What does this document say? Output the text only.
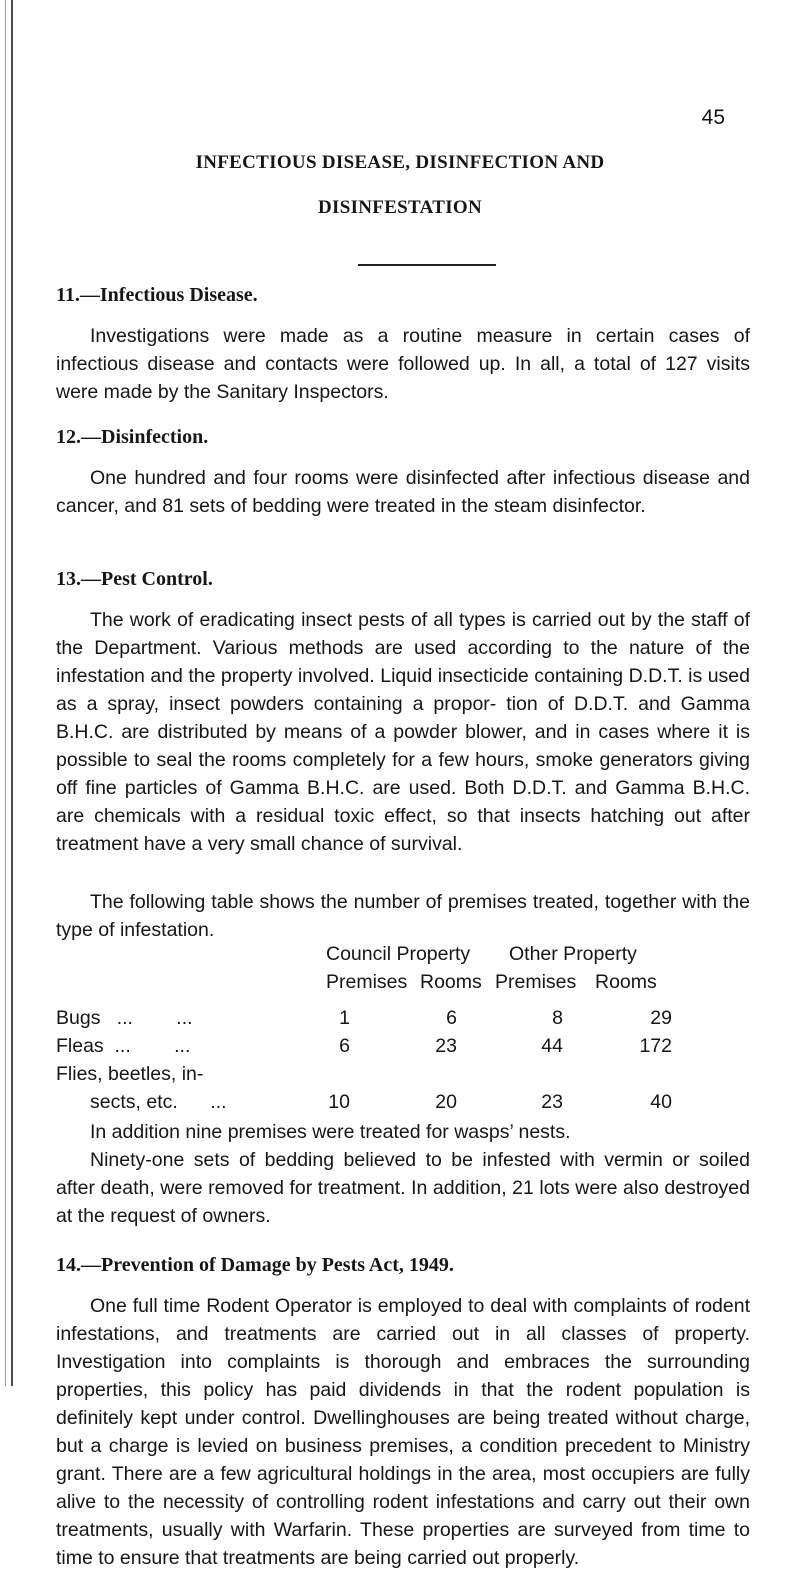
45
INFECTIOUS DISEASE, DISINFECTION AND
DISINFESTATION
11.—Infectious Disease.

Investigations were made as a routine measure in certain cases of infectious disease and contacts were followed up. In all, a total of 127 visits were made by the Sanitary Inspectors.

12.—Disinfection.

One hundred and four rooms were disinfected after infectious disease and cancer, and 81 sets of bedding were treated in the steam disinfector.

13.—Pest Control.

The work of eradicating insect pests of all types is carried out by the staff of the Department. Various methods are used according to the nature of the infestation and the property involved. Liquid insecticide containing D.D.T. is used as a spray, insect powders containing a propor- tion of D.D.T. and Gamma B.H.C. are distributed by means of a powder blower, and in cases where it is possible to seal the rooms completely for a few hours, smoke generators giving off fine particles of Gamma B.H.C. are used. Both D.D.T. and Gamma B.H.C. are chemicals with a residual toxic effect, so that insects hatching out after treatment have a very small chance of survival.

The following table shows the number of premises treated, together with the type of infestation.

Council Property Other Property
Premises Rooms Premises Rooms
Bugs   ...        ...	1	6	8	29
Fleas  ...        ...	6	23	44	172
Flies, beetles, in-
sects, etc.      ...	10	20	23	40

In addition nine premises were treated for wasps’ nests.

Ninety-one sets of bedding believed to be infested with vermin or soiled after death, were removed for treatment. In addition, 21 lots were also destroyed at the request of owners.

14.—Prevention of Damage by Pests Act, 1949.

One full time Rodent Operator is employed to deal with complaints of rodent infestations, and treatments are carried out in all classes of property. Investigation into complaints is thorough and embraces the surrounding properties, this policy has paid dividends in that the rodent population is definitely kept under control. Dwellinghouses are being treated without charge, but a charge is levied on business premises, a condition precedent to Ministry grant. There are a few agricultural holdings in the area, most occupiers are fully alive to the necessity of controlling rodent infestations and carry out their own treatments, usually with Warfarin. These properties are surveyed from time to time to ensure that treatments are being carried out properly.
